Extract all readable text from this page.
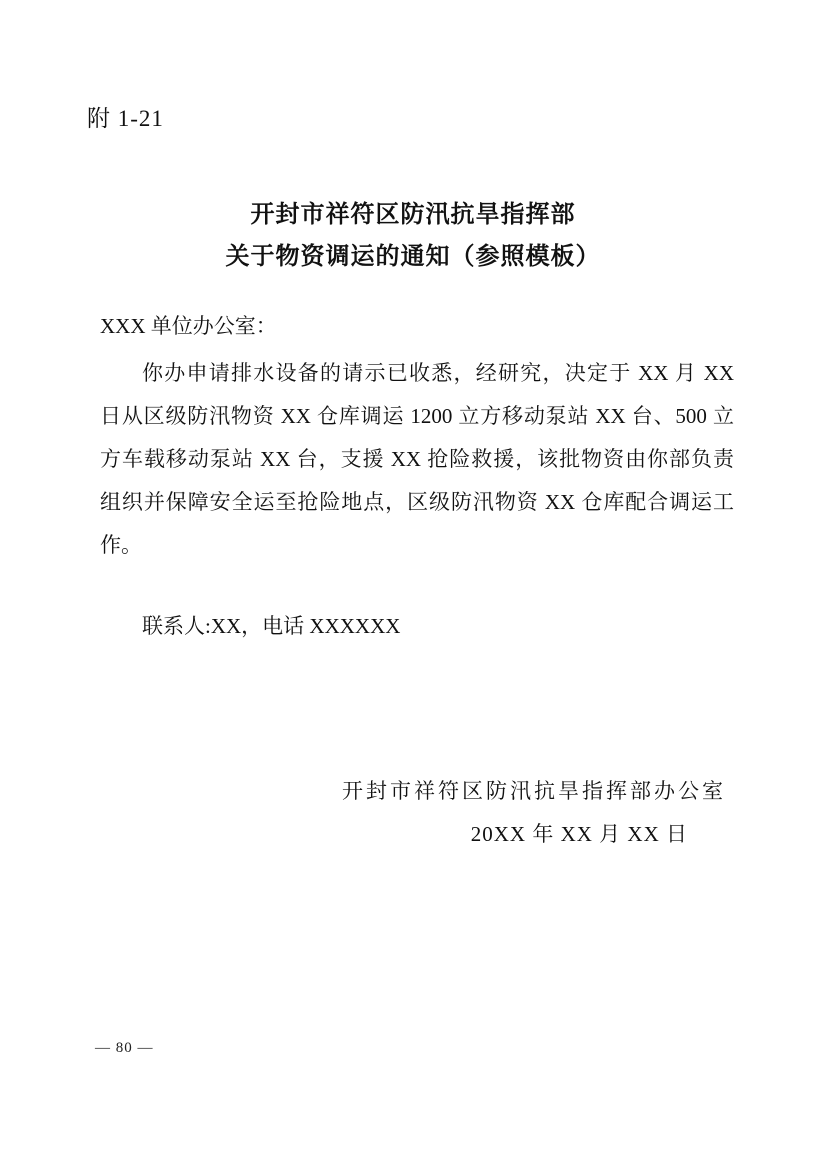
附 1-21
开封市祥符区防汛抗旱指挥部
关于物资调运的通知（参照模板）
XXX 单位办公室：
你办申请排水设备的请示已收悉，经研究，决定于 XX 月 XX
日从区级防汛物资 XX 仓库调运 1200 立方移动泵站 XX 台、500 立
方车载移动泵站 XX 台，支援 XX 抢险救援，该批物资由你部负责
组织并保障安全运至抢险地点，区级防汛物资 XX 仓库配合调运工
作。
联系人:XX，电话 XXXXXX
开封市祥符区防汛抗旱指挥部办公室
20XX 年 XX 月 XX 日
— 80 —
